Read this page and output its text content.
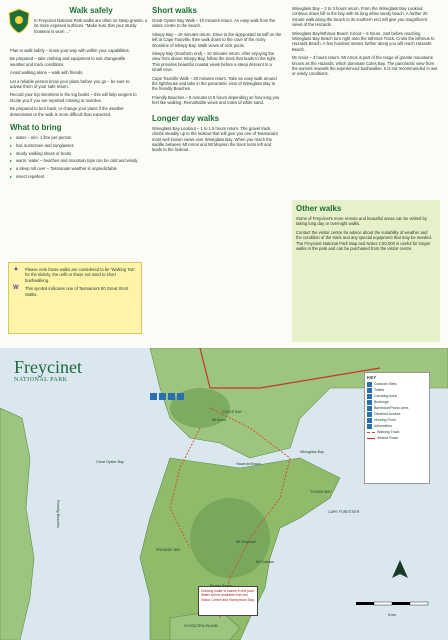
Walk safely

In Freycinet National Park walks are often on steep granite, a lot more exposed surfaces. "Make sure that your sturdy footwear is worn ..."

Plan to walk safely – know your way with within your capabilities.

Be prepared – take clothing and equipment to suit changeable weather and track conditions.

Avoid walking alone – walk with friends.

Let a reliable person know your plans before you go – be sure to advise them of your safe return.

Record your trip intentions in the log books – this will help rangers to locate you if you are reported missing or overdue.

Be prepared to turn back, or change your plans if the weather deteriorates or the walk is more difficult than expected.

What to bring
▸ water – min. 1 litre per person
▸ hat, sunscreen and sunglasses
▸ sturdy walking shoes or boots
▸ warm, water – beaches and mountain tops can be cold and windy
▸ a sleep roll over – Tasmanian weather is unpredictable
▸ insect repellent

▲ Please note these walks are considered to be 'Walking Tas' for the elderly, the unfit or those not used to short bushwalking.

W This symbol indicates one of Tasmania's 60 Great Short Walks.

Short walks

Great Oyster Bay Walk – 10 minutes return. An easy walk from the visitor centre to the beach.

Sleepy Bay – 10 minutes return. Drive to the signposted turnoff on the left at Cape Tourville, then walk down to the cove of the rocky shoreline of Sleepy Bay. Walk views of rock pools.

Sleepy Bay (Southern end) – 10 minutes return. After enjoying the view from above Sleepy Bay, follow the track that leads to the right. This provides beautiful coastal views before a steep descent to a small cove.

Cape Tourville Walk – 20 minutes return. Take an easy walk around the lighthouse and take in the panoramic view of Wineglass Bay to the friendly Beaches.

Friendly Beaches – 5 minutes to 5 hours depending on how long you feel like walking. Remarkable views and miles of white sand.

Longer day walks

Wineglass Bay Lookout – 1 to 1.5 hours return. The gravel track climbs steadily up to the lookout that will give you one of Tasmania's most well known views over Wineglass Bay. When you reach the saddle between Mt Amos and Mt Mayson the track turns left and leads to the lookout.

Wineglass Bay – 2 to 3 hours return. From the Wineglass Bay Lookout continue down hill to the bay with its long white sandy beach. A further 20 minute walk along the beach to its southern end will give you magnificent views of the Hazards.

Wineglass Bay/Isthmus Beach Circuit – 5 hours. Just before reaching Wineglass Bay Beach turn right onto the Isthmus Track. Cross the isthmus to Hazards Beach. A few hundred metres further along you will reach Hazards Beach.

Mt Amos – 3 hours return. Mt Amos is part of the range of granite mountains known as the Hazards, which dominate Coles Bay. The panoramic view from the summit rewards the experienced bushwalker. It is not recommended in wet or windy conditions.

Other walks

Some of Freycinet's more remote and beautiful areas can be visited by taking long day or overnight walks.

Contact the visitor centre for advice about the suitability of weather and the condition of the track and any special equipment that may be needed. The Freycinet National Park Map and Notes 1:50,000 is useful for longer walks in the park and can be purchased from the visitor centre.

Freycinet
NATIONAL PARK
COLES BAY
Wineglass Bay
Great Oyster Bay
SCHOUTEN ISLAND
Hazards Beach
CAPE FORESTIER
Mt Freycinet
Mt Graham
Mt Amos
PROMISE BAY
THOUIN BAY
Friendly Beaches
KEY
Caravan Sites
Toilets
Camping Area
Bookings
Barbecue/Picnic Area
Disabled Access
Viewing Point
Information
Walking Track
Sealed Road
Drinking water is scarce in the park. Water will be available from the Visitor Centre and Honeymoon Bay.
Kms
